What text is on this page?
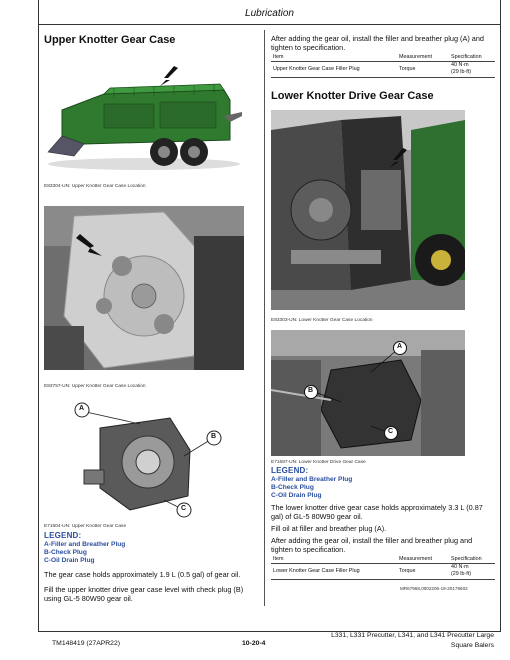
Lubrication
Upper Knotter Gear Case
E83304-UN: Upper Knotter Gear Case Location
E83757-UN: Upper Knotter Gear Case Location
A
B
C
E71604-UN: Upper Knotter Gear Case
LEGEND:
A-Filler and Breather Plug
B-Check Plug
C-Oil Drain Plug
The gear case holds approximately 1.9 L (0.5 gal) of gear oil.
Fill the upper knotter drive gear case level with check plug (B)
using GL-5 80W90 gear oil.
After adding the gear oil, install the filler and breather plug (A) and
tighten to specification.
Item	Measurement	Specification
Upper Knotter Gear Case Filler Plug	Torque
40 N·m
(29 lb·ft)
Lower Knotter Drive Gear Case
E83303-UN: Lower Knotter Gear Case Location
A
B
C
E71687-UN: Lower Knotter Drive Gear Case
LEGEND:
A-Filler and Breather Plug
B-Check Plug
C-Oil Drain Plug
The lower knotter drive gear case holds approximately 3.3 L (0.87
gal) of GL-5 80W90 gear oil.
Fill oil at filler and breather plug (A).
After adding the gear oil, install the filler and breather plug and
tighten to specification.
Item	Measurement	Specification
Lower Knotter Gear Case Filler Plug	Torque
40 N·m
(29 lb·ft)
MR67968,0002206-19-20178602
TM148419 (27APR22)	10-20-4
L331, L331 Precutter, L341, and L341 Precutter Large
Square Balers
